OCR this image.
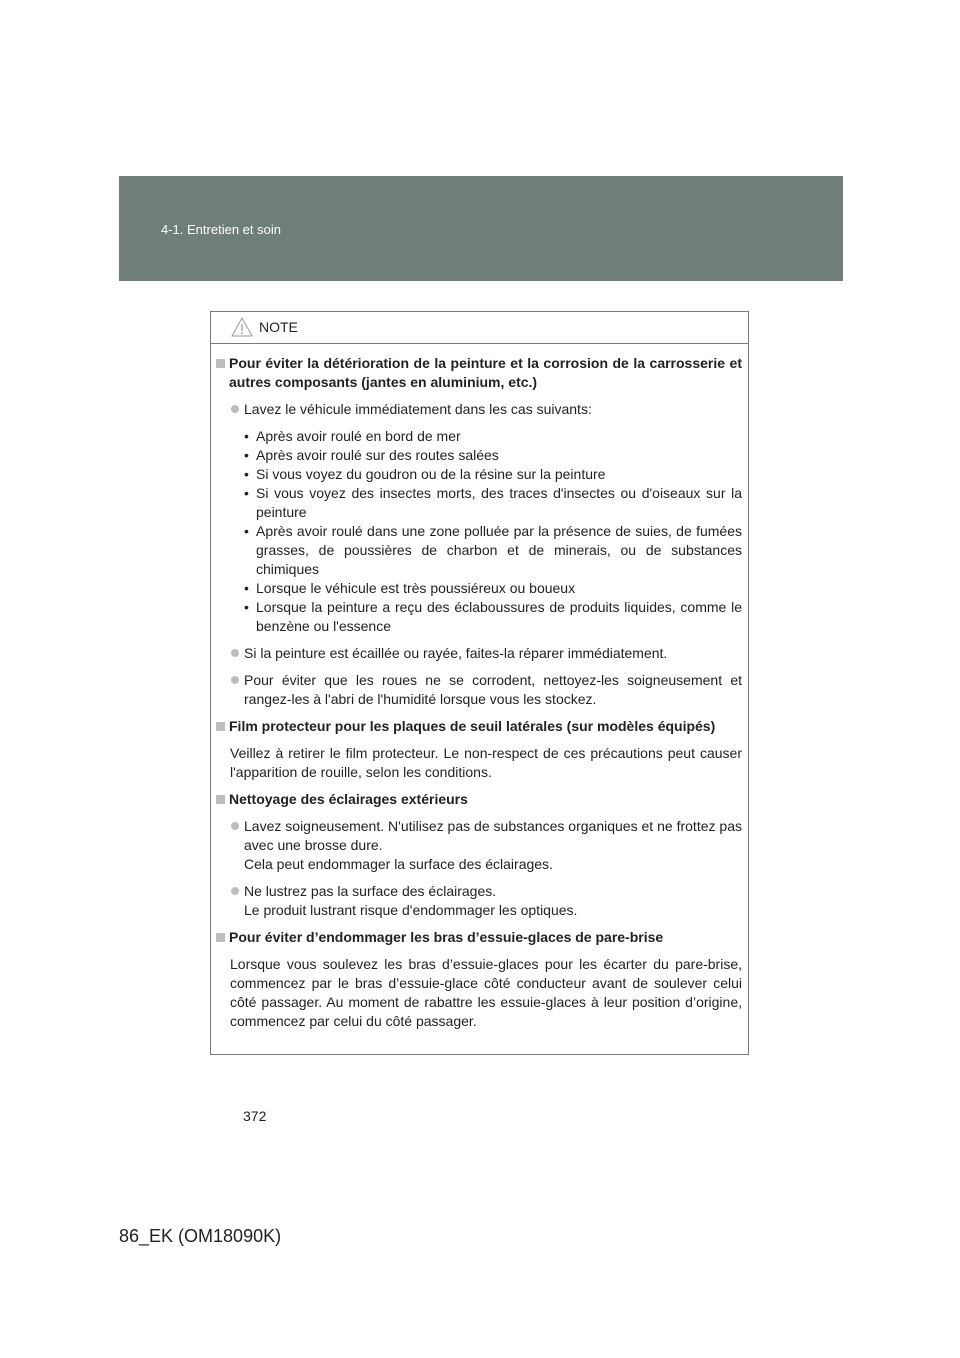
4-1. Entretien et soin
NOTE
Pour éviter la détérioration de la peinture et la corrosion de la carrosserie et autres composants (jantes en aluminium, etc.)
Lavez le véhicule immédiatement dans les cas suivants:
• Après avoir roulé en bord de mer
• Après avoir roulé sur des routes salées
• Si vous voyez du goudron ou de la résine sur la peinture
• Si vous voyez des insectes morts, des traces d'insectes ou d'oiseaux sur la peinture
• Après avoir roulé dans une zone polluée par la présence de suies, de fumées grasses, de poussières de charbon et de minerais, ou de substances chimiques
• Lorsque le véhicule est très poussiéreux ou boueux
• Lorsque la peinture a reçu des éclaboussures de produits liquides, comme le benzène ou l'essence
Si la peinture est écaillée ou rayée, faites-la réparer immédiatement.
Pour éviter que les roues ne se corrodent, nettoyez-les soigneusement et rangez-les à l'abri de l'humidité lorsque vous les stockez.
Film protecteur pour les plaques de seuil latérales (sur modèles équipés)
Veillez à retirer le film protecteur. Le non-respect de ces précautions peut causer l'apparition de rouille, selon les conditions.
Nettoyage des éclairages extérieurs
Lavez soigneusement. N'utilisez pas de substances organiques et ne frottez pas avec une brosse dure.
Cela peut endommager la surface des éclairages.
Ne lustrez pas la surface des éclairages.
Le produit lustrant risque d'endommager les optiques.
Pour éviter d’endommager les bras d’essuie-glaces de pare-brise
Lorsque vous soulevez les bras d’essuie-glaces pour les écarter du pare-brise, commencez par le bras d’essuie-glace côté conducteur avant de soulever celui côté passager. Au moment de rabattre les essuie-glaces à leur position d’origine, commencez par celui du côté passager.
372
86_EK (OM18090K)
